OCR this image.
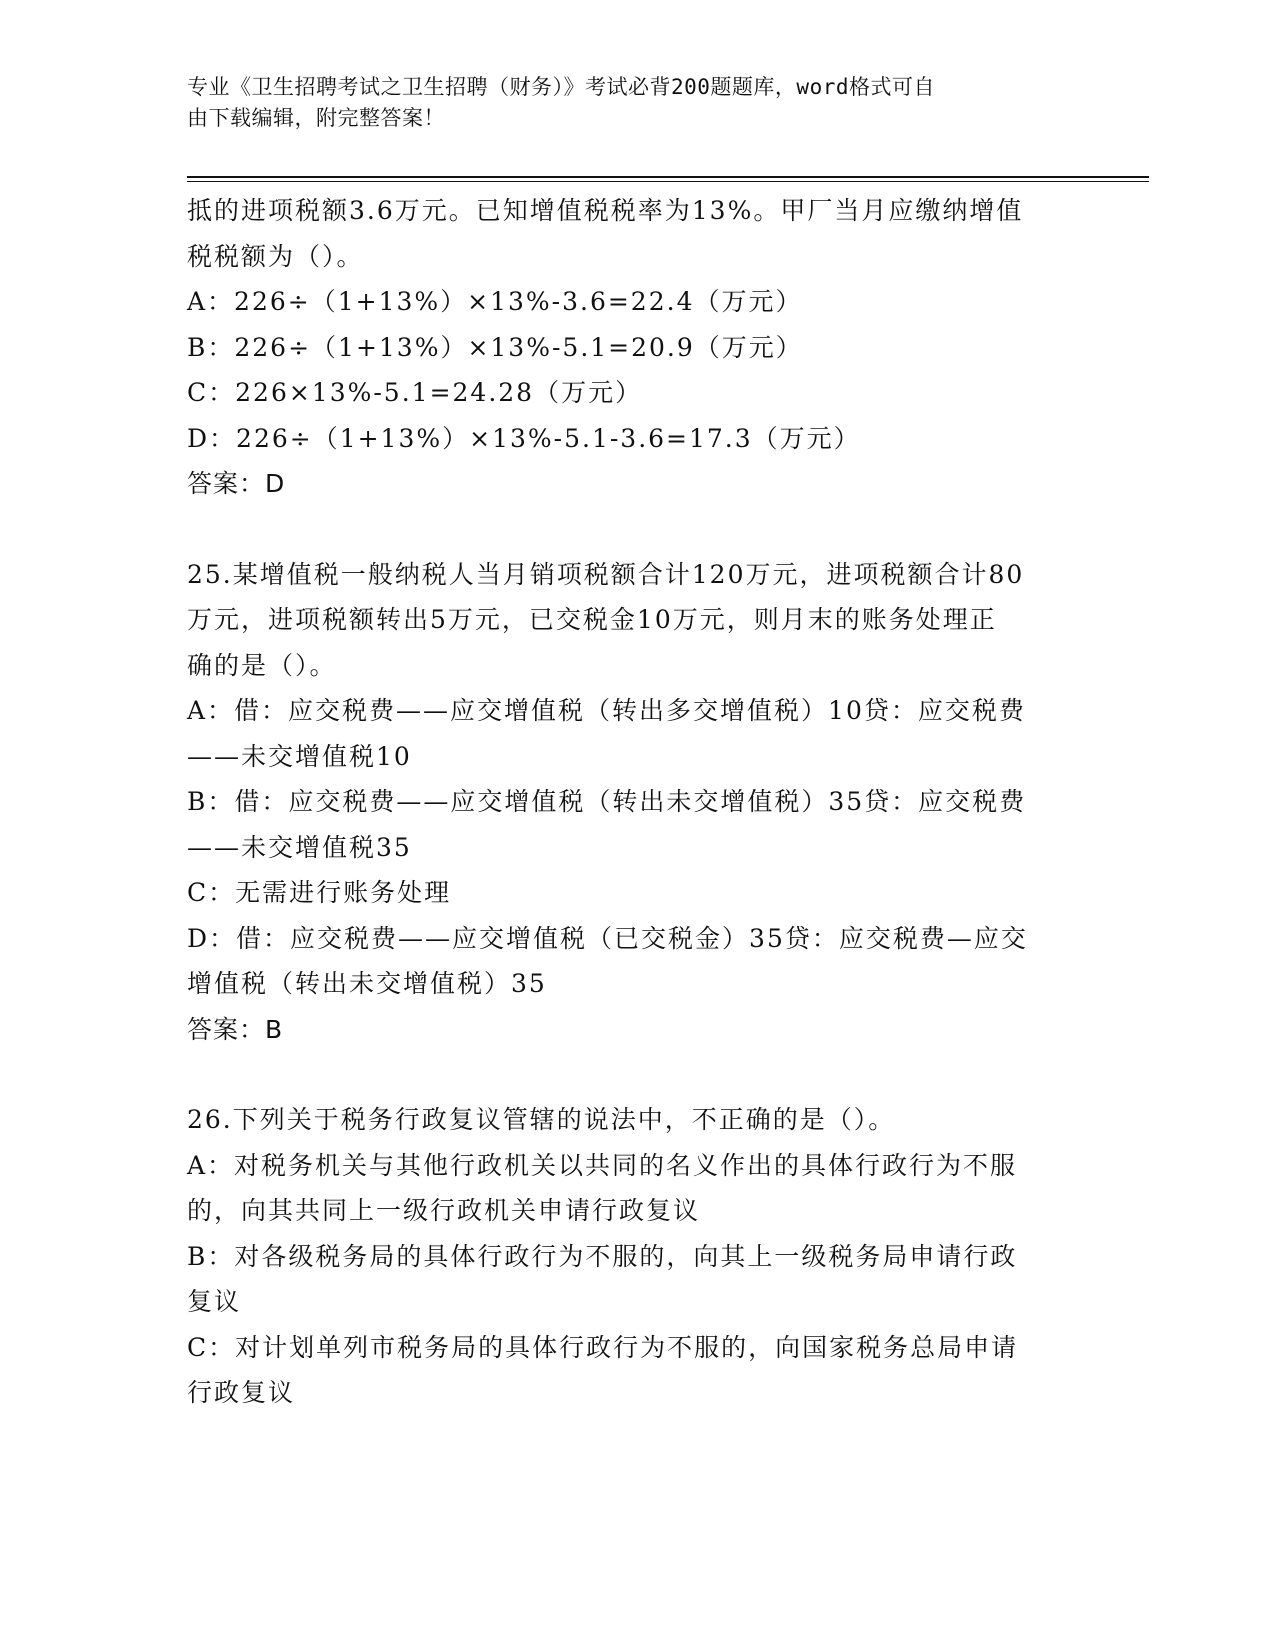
专业《卫生招聘考试之卫生招聘（财务）》考试必背200题题库，word格式可自
由下载编辑，附完整答案！
抵的进项税额3.6万元。已知增值税税率为13%。甲厂当月应缴纳增值
税税额为（）。
A：226÷（1+13%）×13%-3.6=22.4（万元）
B：226÷（1+13%）×13%-5.1=20.9（万元）
C：226×13%-5.1=24.28（万元）
D：226÷（1+13%）×13%-5.1-3.6=17.3（万元）
答案：D
25.某增值税一般纳税人当月销项税额合计120万元，进项税额合计80
万元，进项税额转出5万元，已交税金10万元，则月末的账务处理正
确的是（）。
A：借：应交税费——应交增值税（转出多交增值税）10贷：应交税费
——未交增值税10
B：借：应交税费——应交增值税（转出未交增值税）35贷：应交税费
——未交增值税35
C：无需进行账务处理
D：借：应交税费——应交增值税（已交税金）35贷：应交税费—应交
增值税（转出未交增值税）35
答案：B
26.下列关于税务行政复议管辖的说法中，不正确的是（）。
A：对税务机关与其他行政机关以共同的名义作出的具体行政行为不服
的，向其共同上一级行政机关申请行政复议
B：对各级税务局的具体行政行为不服的，向其上一级税务局申请行政
复议
C：对计划单列市税务局的具体行政行为不服的，向国家税务总局申请
行政复议
